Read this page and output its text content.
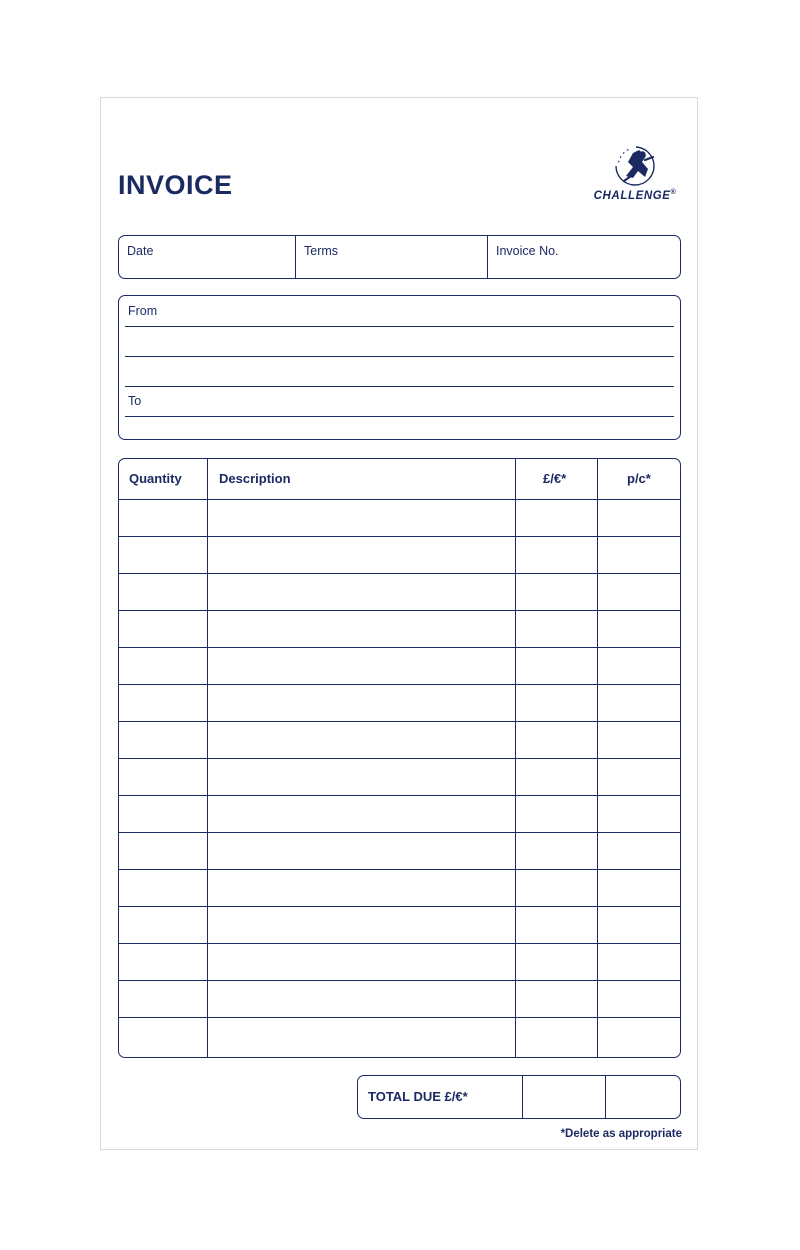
INVOICE	CHALLENGE®
Date	Terms	Invoice No.
From
To
Quantity	Description	£/€*	p/c*
TOTAL DUE £/€*
*Delete as appropriate
